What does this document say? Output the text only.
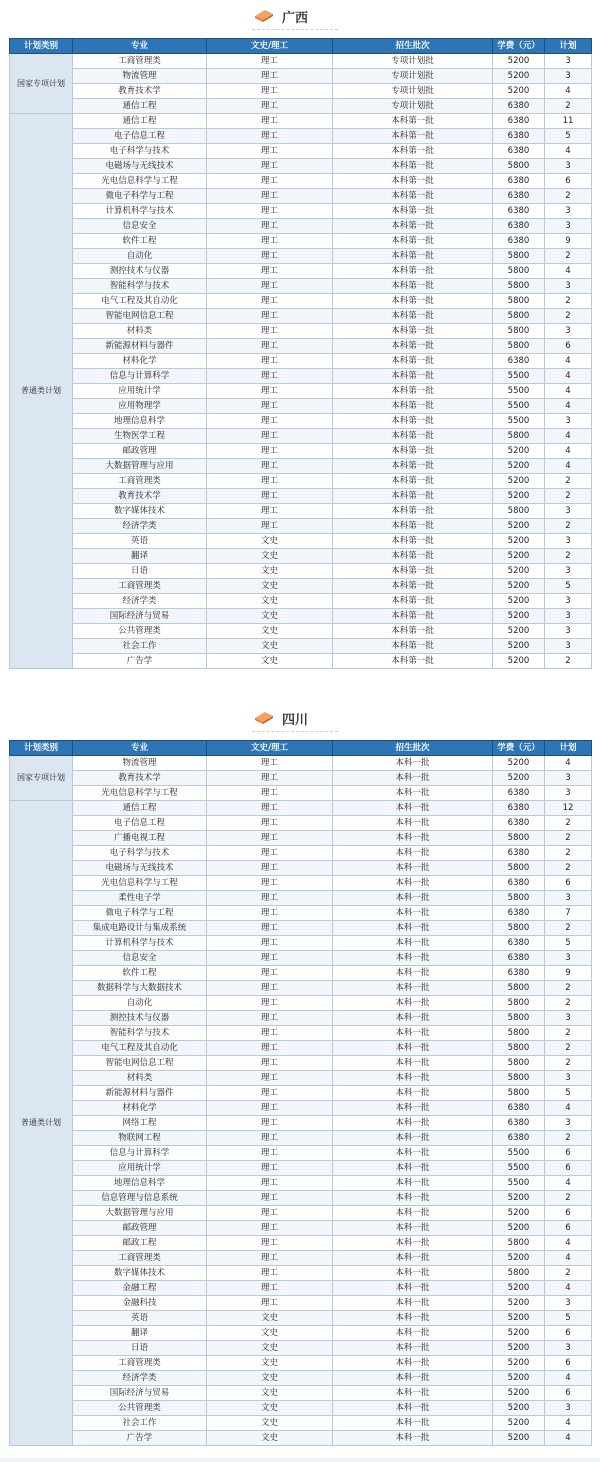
广西
计划类别	专业	文史/理工	招生批次	学费（元）	计划
国家专项计划	工商管理类	理工	专项计划批	5200	3
	物流管理	理工	专项计划批	5200	3
	教育技术学	理工	专项计划批	5200	4
	通信工程	理工	专项计划批	6380	2
普通类计划	通信工程	理工	本科第一批	6380	11
	电子信息工程	理工	本科第一批	6380	5
	电子科学与技术	理工	本科第一批	6380	4
	电磁场与无线技术	理工	本科第一批	5800	3
	光电信息科学与工程	理工	本科第一批	6380	6
	微电子科学与工程	理工	本科第一批	6380	2
	计算机科学与技术	理工	本科第一批	6380	3
	信息安全	理工	本科第一批	6380	3
	软件工程	理工	本科第一批	6380	9
	自动化	理工	本科第一批	5800	2
	测控技术与仪器	理工	本科第一批	5800	4
	智能科学与技术	理工	本科第一批	5800	3
	电气工程及其自动化	理工	本科第一批	5800	2
	智能电网信息工程	理工	本科第一批	5800	2
	材料类	理工	本科第一批	5800	3
	新能源材料与器件	理工	本科第一批	5800	6
	材料化学	理工	本科第一批	6380	4
	信息与计算科学	理工	本科第一批	5500	4
	应用统计学	理工	本科第一批	5500	4
	应用物理学	理工	本科第一批	5500	4
	地理信息科学	理工	本科第一批	5500	3
	生物医学工程	理工	本科第一批	5800	4
	邮政管理	理工	本科第一批	5200	4
	大数据管理与应用	理工	本科第一批	5200	4
	工商管理类	理工	本科第一批	5200	2
	教育技术学	理工	本科第一批	5200	2
	数字媒体技术	理工	本科第一批	5800	3
	经济学类	理工	本科第一批	5200	2
	英语	文史	本科第一批	5200	3
	翻译	文史	本科第一批	5200	2
	日语	文史	本科第一批	5200	3
	工商管理类	文史	本科第一批	5200	5
	经济学类	文史	本科第一批	5200	3
	国际经济与贸易	文史	本科第一批	5200	3
	公共管理类	文史	本科第一批	5200	3
	社会工作	文史	本科第一批	5200	3
	广告学	文史	本科第一批	5200	2
四川
计划类别	专业	文史/理工	招生批次	学费（元）	计划
国家专项计划	物流管理	理工	本科一批	5200	4
	教育技术学	理工	本科一批	5200	3
	光电信息科学与工程	理工	本科一批	6380	3
普通类计划	通信工程	理工	本科一批	6380	12
	电子信息工程	理工	本科一批	6380	2
	广播电视工程	理工	本科一批	5800	2
	电子科学与技术	理工	本科一批	6380	2
	电磁场与无线技术	理工	本科一批	5800	2
	光电信息科学与工程	理工	本科一批	6380	6
	柔性电子学	理工	本科一批	5800	3
	微电子科学与工程	理工	本科一批	6380	7
	集成电路设计与集成系统	理工	本科一批	5800	2
	计算机科学与技术	理工	本科一批	6380	5
	信息安全	理工	本科一批	6380	3
	软件工程	理工	本科一批	6380	9
	数据科学与大数据技术	理工	本科一批	5800	2
	自动化	理工	本科一批	5800	2
	测控技术与仪器	理工	本科一批	5800	3
	智能科学与技术	理工	本科一批	5800	2
	电气工程及其自动化	理工	本科一批	5800	2
	智能电网信息工程	理工	本科一批	5800	2
	材料类	理工	本科一批	5800	3
	新能源材料与器件	理工	本科一批	5800	5
	材料化学	理工	本科一批	6380	4
	网络工程	理工	本科一批	6380	3
	物联网工程	理工	本科一批	6380	2
	信息与计算科学	理工	本科一批	5500	6
	应用统计学	理工	本科一批	5500	6
	地理信息科学	理工	本科一批	5500	4
	信息管理与信息系统	理工	本科一批	5200	2
	大数据管理与应用	理工	本科一批	5200	6
	邮政管理	理工	本科一批	5200	6
	邮政工程	理工	本科一批	5800	4
	工商管理类	理工	本科一批	5200	4
	数字媒体技术	理工	本科一批	5800	2
	金融工程	理工	本科一批	5200	4
	金融科技	理工	本科一批	5200	3
	英语	文史	本科一批	5200	5
	翻译	文史	本科一批	5200	6
	日语	文史	本科一批	5200	3
	工商管理类	文史	本科一批	5200	6
	经济学类	文史	本科一批	5200	4
	国际经济与贸易	文史	本科一批	5200	6
	公共管理类	文史	本科一批	5200	3
	社会工作	文史	本科一批	5200	4
	广告学	文史	本科一批	5200	4
